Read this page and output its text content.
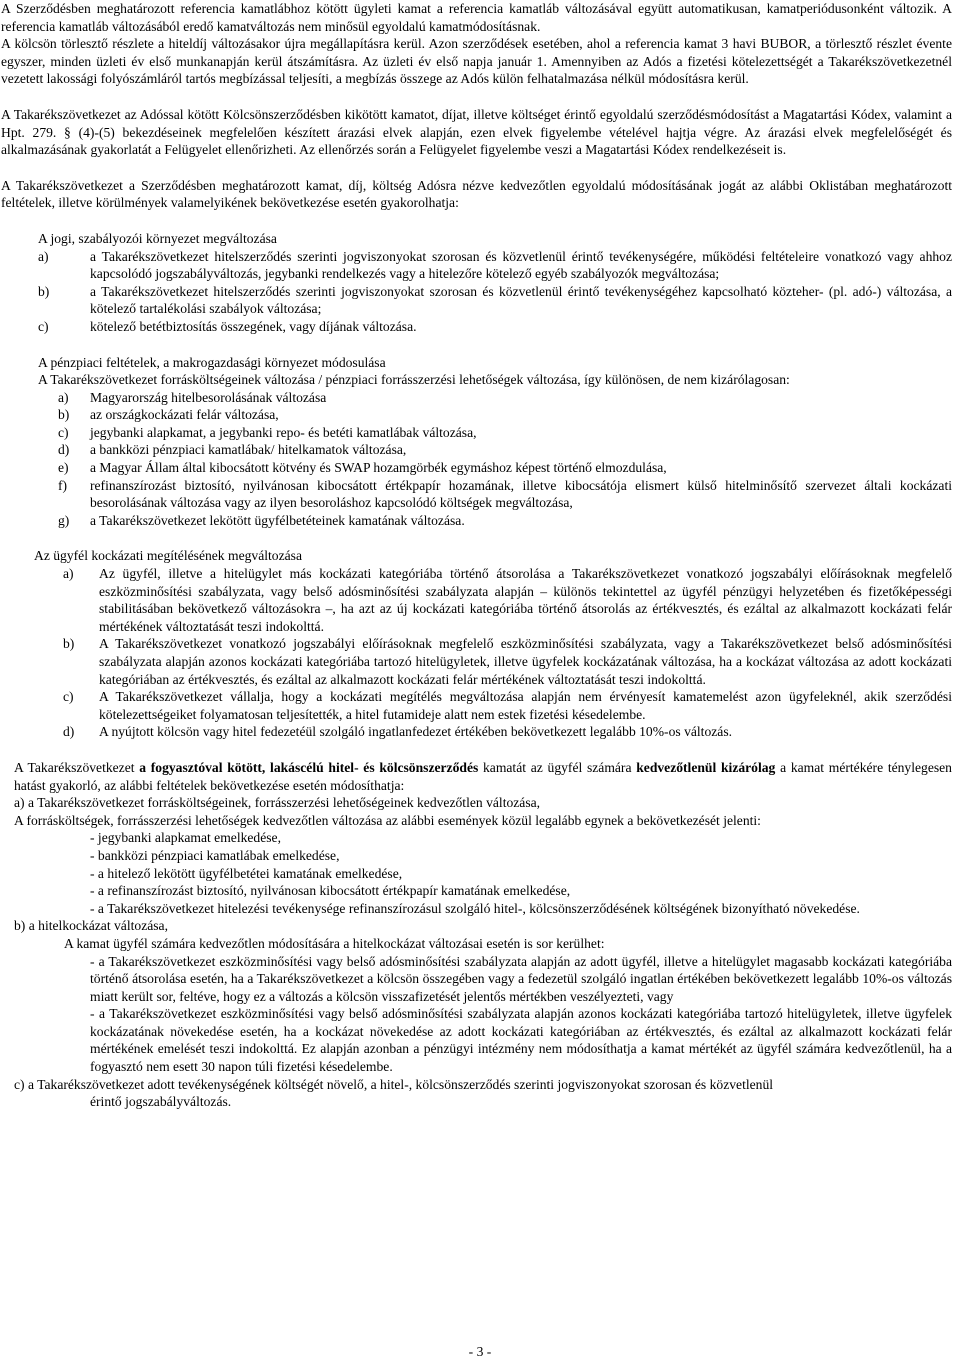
A Szerződésben meghatározott referencia kamatlábhoz kötött ügyleti kamat a referencia kamatláb változásával együtt automatikusan, kamatperiódusonként változik. A referencia kamatláb változásából eredő kamatváltozás nem minősül egyoldalú kamatmódosításnak.

A kölcsön törlesztő részlete a hiteldíj változásakor újra megállapításra kerül. Azon szerződések esetében, ahol a referencia kamat 3 havi BUBOR, a törlesztő részlet évente egyszer, minden üzleti év első munkanapján kerül átszámításra. Az üzleti év első napja január 1. Amennyiben az Adós a fizetési kötelezettségét a Takarékszövetkezetnél vezetett lakossági folyószámláról tartós megbízással teljesíti, a megbízás összege az Adós külön felhatalmazása nélkül módosításra kerül.

A Takarékszövetkezet az Adóssal kötött Kölcsönszerződésben kikötött kamatot, díjat, illetve költséget érintő egyoldalú szerződésmódosítást a Magatartási Kódex, valamint a Hpt. 279. § (4)-(5) bekezdéseinek megfelelően készített árazási elvek alapján, ezen elvek figyelembe vételével hajtja végre. Az árazási elvek megfelelőségét és alkalmazásának gyakorlatát a Felügyelet ellenőrizheti. Az ellenőrzés során a Felügyelet figyelembe veszi a Magatartási Kódex rendelkezéseit is.

A Takarékszövetkezet a Szerződésben meghatározott kamat, díj, költség Adósra nézve kedvezőtlen egyoldalú módosításának jogát az alábbi Oklistában meghatározott feltételek, illetve körülmények valamelyikének bekövetkezése esetén gyakorolhatja:

A jogi, szabályozói környezet megváltozása

a)	a Takarékszövetkezet hitelszerződés szerinti jogviszonyokat szorosan és közvetlenül érintő tevékenységére, működési feltételeire vonatkozó vagy ahhoz kapcsolódó jogszabályváltozás, jegybanki rendelkezés vagy a hitelezőre kötelező egyéb szabályozók megváltozása;
b)	a Takarékszövetkezet hitelszerződés szerinti jogviszonyokat szorosan és közvetlenül érintő tevékenységéhez kapcsolható közteher- (pl. adó-) változása, a kötelező tartalékolási szabályok változása;
c)	kötelező betétbiztosítás összegének, vagy díjának változása.

A pénzpiaci feltételek, a makrogazdasági környezet módosulása

A Takarékszövetkezet forrásköltségeinek változása / pénzpiaci forrásszerzési lehetőségek változása, így különösen, de nem kizárólagosan:

a)	Magyarország hitelbesorolásának változása
b)	az országkockázati felár változása,
c)	jegybanki alapkamat, a jegybanki repo- és betéti kamatlábak változása,
d)	a bankközi pénzpiaci kamatlábak/ hitelkamatok változása,
e)	a Magyar Állam által kibocsátott kötvény és SWAP hozamgörbék egymáshoz képest történő elmozdulása,
f)	refinanszírozást biztosító, nyilvánosan kibocsátott értékpapír hozamának, illetve kibocsátója elismert külső hitelminősítő szervezet általi kockázati besorolásának változása vagy az ilyen besoroláshoz kapcsolódó költségek megváltozása,
g)	a Takarékszövetkezet lekötött ügyfélbetéteinek kamatának változása.

Az ügyfél kockázati megítélésének megváltozása

a)	Az ügyfél, illetve a hitelügylet más kockázati kategóriába történő átsorolása a Takarékszövetkezet vonatkozó jogszabályi előírásoknak megfelelő eszközminősítési szabályzata, vagy belső adósminősítési szabályzata alapján – különös tekintettel az ügyfél pénzügyi helyzetében és fizetőképességi stabilitásában bekövetkező változásokra –, ha azt az új kockázati kategóriába történő átsorolás az értékvesztés, és ezáltal az alkalmazott kockázati felár mértékének változtatását teszi indokolttá.
b)	A Takarékszövetkezet vonatkozó jogszabályi előírásoknak megfelelő eszközminősítési szabályzata, vagy a Takarékszövetkezet belső adósminősítési szabályzata alapján azonos kockázati kategóriába tartozó hitelügyletek, illetve ügyfelek kockázatának változása, ha a kockázat változása az adott kockázati kategóriában az értékvesztés, és ezáltal az alkalmazott kockázati felár mértékének változtatását teszi indokolttá.
c)	A Takarékszövetkezet vállalja, hogy a kockázati megítélés megváltozása alapján nem érvényesít kamatemelést azon ügyfeleknél, akik szerződési kötelezettségeiket folyamatosan teljesítették, a hitel futamideje alatt nem estek fizetési késedelembe.
d)	A nyújtott kölcsön vagy hitel fedezetéül szolgáló ingatlanfedezet értékében bekövetkezett legalább 10%-os változás.

A Takarékszövetkezet a fogyasztóval kötött, lakáscélú hitel- és kölcsönszerződés kamatát az ügyfél számára kedvezőtlenül kizárólag a kamat mértékére ténylegesen hatást gyakorló, az alábbi feltételek bekövetkezése esetén módosíthatja:

a) a Takarékszövetkezet forrásköltségeinek, forrásszerzési lehetőségeinek kedvezőtlen változása,

A forrásköltségek, forrásszerzési lehetőségek kedvezőtlen változása az alábbi események közül legalább egynek a bekövetkezését jelenti:

- jegybanki alapkamat emelkedése,

- bankközi pénzpiaci kamatlábak emelkedése,

- a hitelező lekötött ügyfélbetétei kamatának emelkedése,

- a refinanszírozást biztosító, nyilvánosan kibocsátott értékpapír kamatának emelkedése,

- a Takarékszövetkezet hitelezési tevékenysége refinanszírozásul szolgáló hitel-, kölcsönszerződésének költségének bizonyítható növekedése.

b) a hitelkockázat változása,

A kamat ügyfél számára kedvezőtlen módosítására a hitelkockázat változásai esetén is sor kerülhet:

- a Takarékszövetkezet eszközminősítési vagy belső adósminősítési szabályzata alapján az adott ügyfél, illetve a hitelügylet magasabb kockázati kategóriába történő átsorolása esetén, ha a Takarékszövetkezet a kölcsön összegében vagy a fedezetül szolgáló ingatlan értékében bekövetkezett legalább 10%-os változás miatt került sor, feltéve, hogy ez a változás a kölcsön visszafizetését jelentős mértékben veszélyezteti, vagy

- a Takarékszövetkezet eszközminősítési vagy belső adósminősítési szabályzata alapján azonos kockázati kategóriába tartozó hitelügyletek, illetve ügyfelek kockázatának növekedése esetén, ha a kockázat növekedése az adott kockázati kategóriában az értékvesztés, és ezáltal az alkalmazott kockázati felár mértékének emelését teszi indokolttá. Ez alapján azonban a pénzügyi intézmény nem módosíthatja a kamat mértékét az ügyfél számára kedvezőtlenül, ha a fogyasztó nem esett 30 napon túli fizetési késedelembe.

c) a Takarékszövetkezet adott tevékenységének költségét növelő, a hitel-, kölcsönszerződés szerinti jogviszonyokat szorosan és közvetlenül
érintő jogszabályváltozás.

- 3 -
